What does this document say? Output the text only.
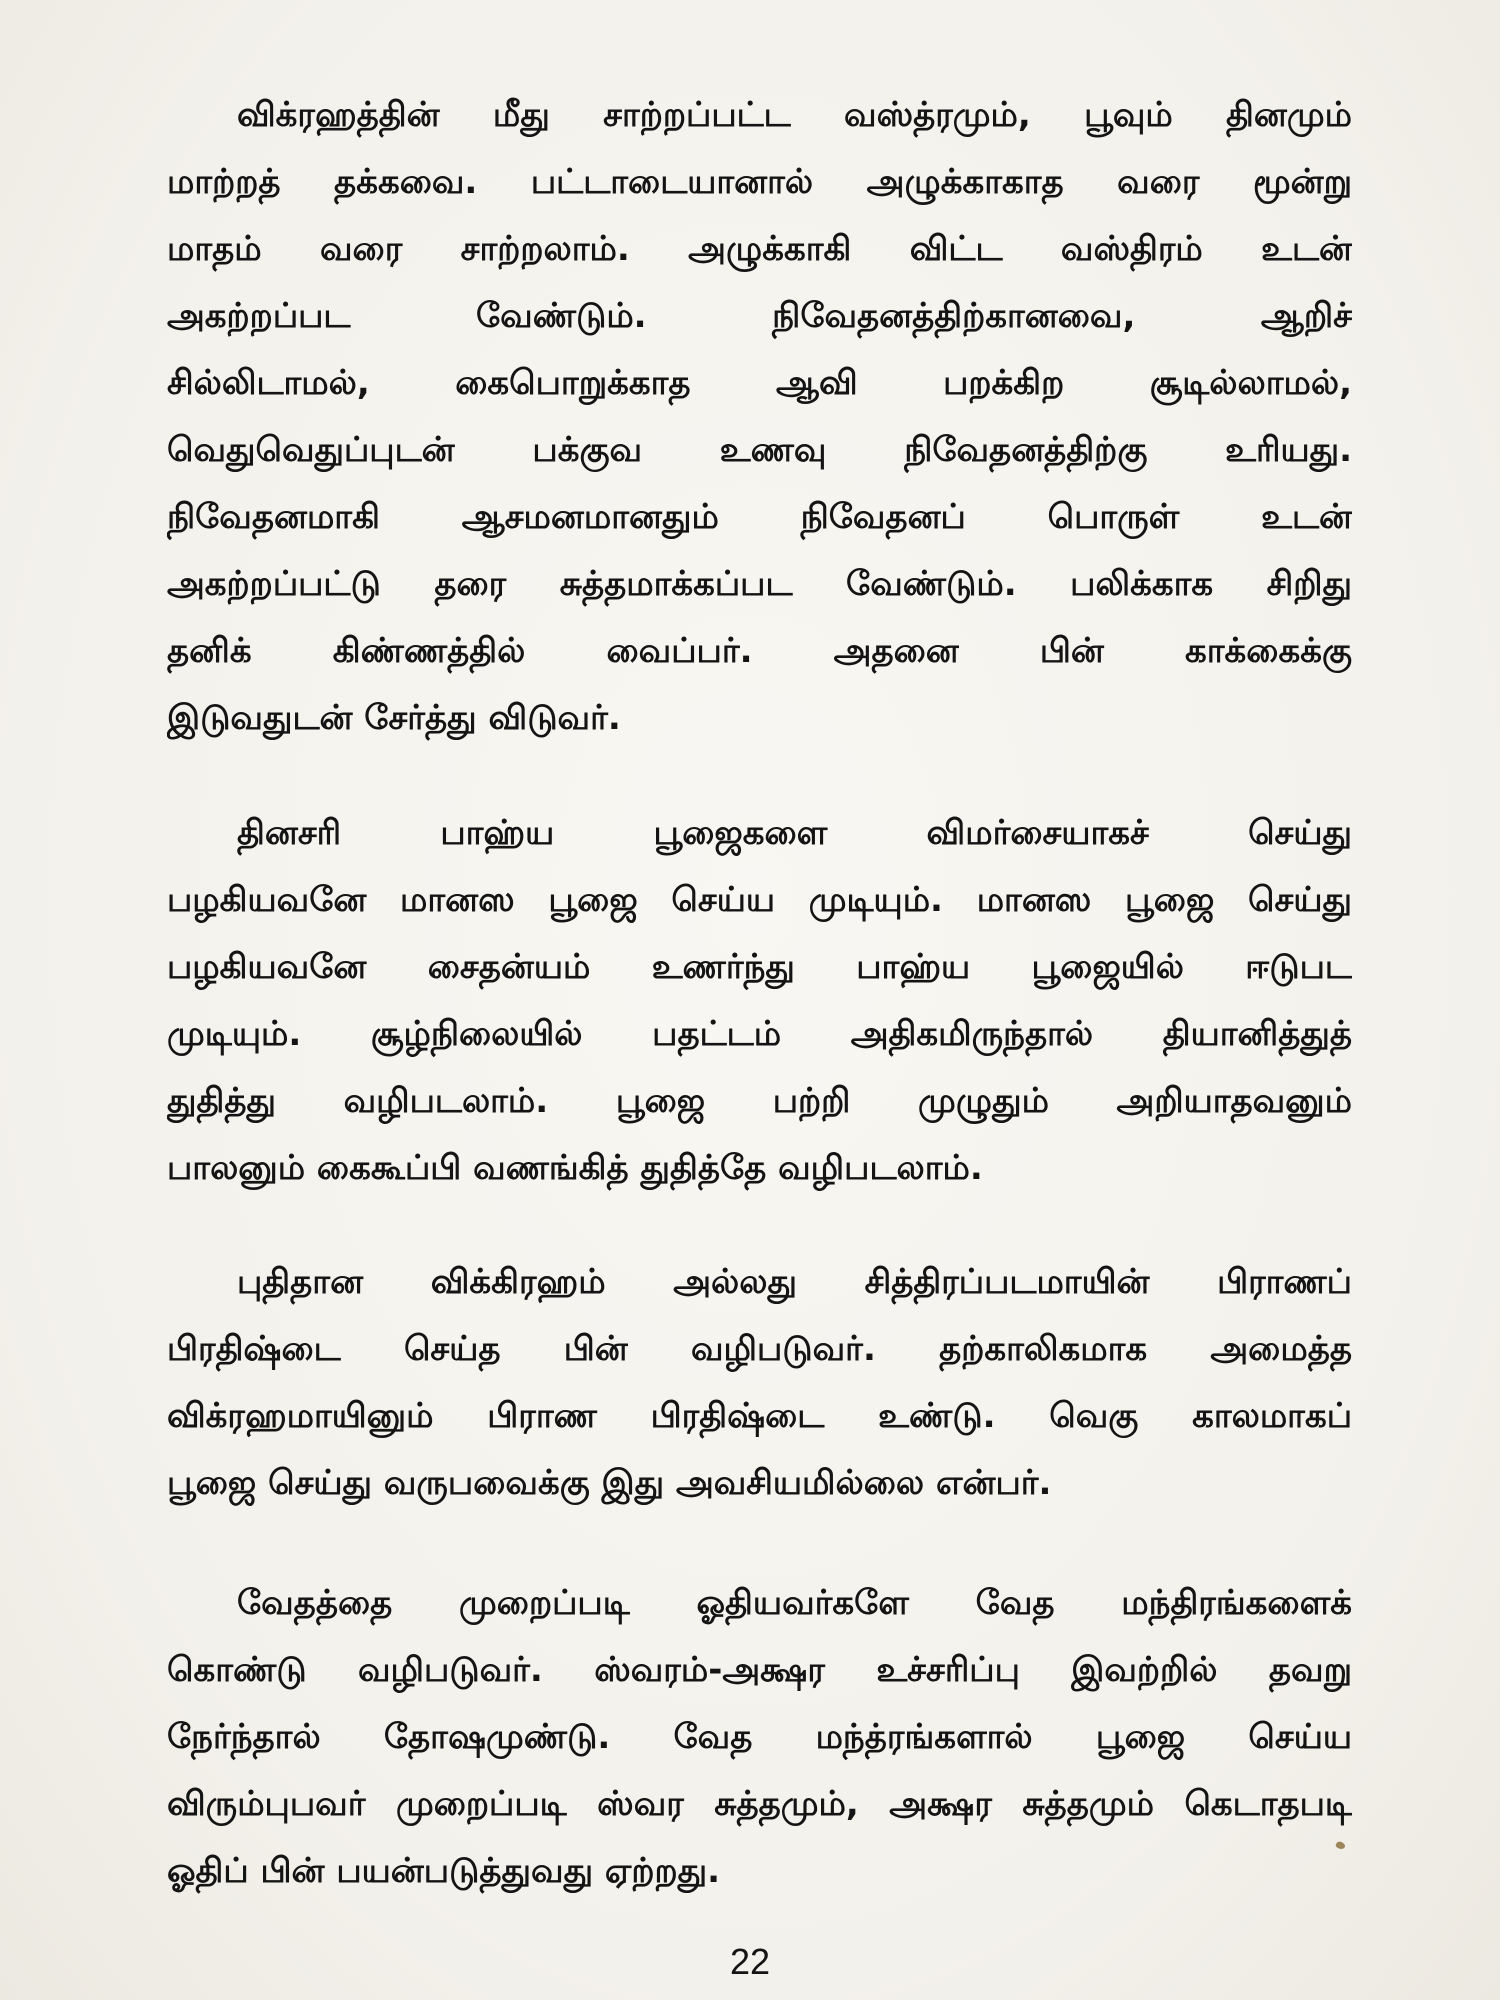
விக்ரஹத்தின் மீது சாற்றப்பட்ட வஸ்த்ரமும், பூவும் தினமும்
மாற்றத் தக்கவை. பட்டாடையானால் அழுக்காகாத வரை மூன்று
மாதம் வரை சாற்றலாம். அழுக்காகி விட்ட வஸ்திரம் உடன்
அகற்றப்பட வேண்டும். நிவேதனத்திற்கானவை, ஆறிச்
சில்லிடாமல், கைபொறுக்காத ஆவி பறக்கிற சூடில்லாமல்,
வெதுவெதுப்புடன் பக்குவ உணவு நிவேதனத்திற்கு உரியது.
நிவேதனமாகி ஆசமனமானதும் நிவேதனப் பொருள் உடன்
அகற்றப்பட்டு தரை சுத்தமாக்கப்பட வேண்டும். பலிக்காக சிறிது
தனிக் கிண்ணத்தில் வைப்பர். அதனை பின் காக்கைக்கு
இடுவதுடன் சேர்த்து விடுவர்.
தினசரி பாஹ்ய பூஜைகளை விமர்சையாகச் செய்து
பழகியவனே மானஸ பூஜை செய்ய முடியும். மானஸ பூஜை செய்து
பழகியவனே சைதன்யம் உணர்ந்து பாஹ்ய பூஜையில் ஈடுபட
முடியும். சூழ்நிலையில் பதட்டம் அதிகமிருந்தால் தியானித்துத்
துதித்து வழிபடலாம். பூஜை பற்றி முழுதும் அறியாதவனும்
பாலனும் கைகூப்பி வணங்கித் துதித்தே வழிபடலாம்.
புதிதான விக்கிரஹம் அல்லது சித்திரப்படமாயின் பிராணப்
பிரதிஷ்டை செய்த பின் வழிபடுவர். தற்காலிகமாக அமைத்த
விக்ரஹமாயினும் பிராண பிரதிஷ்டை உண்டு. வெகு காலமாகப்
பூஜை செய்து வருபவைக்கு இது அவசியமில்லை என்பர்.
வேதத்தை முறைப்படி ஓதியவர்களே வேத மந்திரங்களைக்
கொண்டு வழிபடுவர். ஸ்வரம்-அக்ஷர உச்சரிப்பு இவற்றில் தவறு
நேர்ந்தால் தோஷமுண்டு. வேத மந்த்ரங்களால் பூஜை செய்ய
விரும்புபவர் முறைப்படி ஸ்வர சுத்தமும், அக்ஷர சுத்தமும் கெடாதபடி
ஓதிப் பின் பயன்படுத்துவது ஏற்றது.
22
